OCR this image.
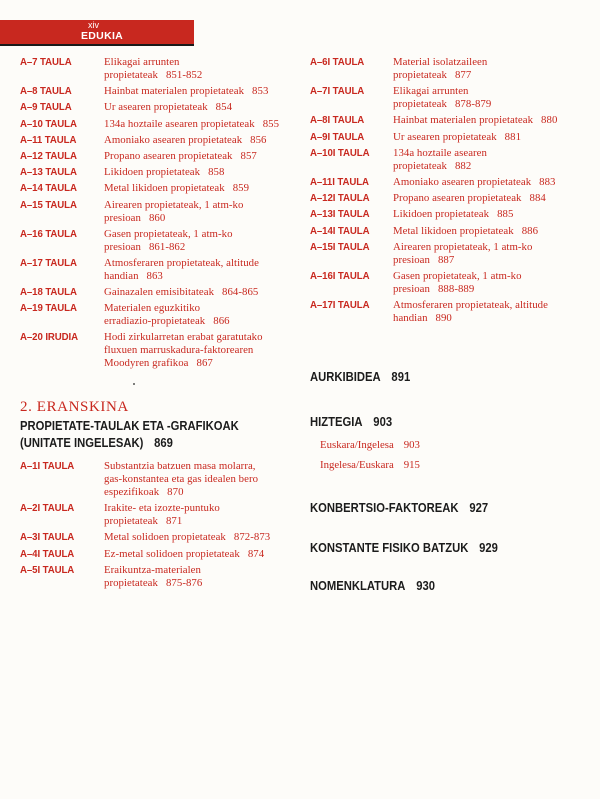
xiv
EDUKIA
A–7 TAULA	Elikagai arrunten
propietateak 851-852
A–8 TAULA	Hainbat materialen propietateak 853
A–9 TAULA	Ur asearen propietateak 854
A–10 TAULA	134a hoztaile asearen propietateak 855
A–11 TAULA	Amoniako asearen propietateak 856
A–12 TAULA	Propano asearen propietateak 857
A–13 TAULA	Likidoen propietateak 858
A–14 TAULA	Metal likidoen propietateak 859
A–15 TAULA	Airearen propietateak, 1 atm-ko
presioan 860
A–16 TAULA	Gasen propietateak, 1 atm-ko
presioan 861-862
A–17 TAULA	Atmosferaren propietateak, altitude
handian 863
A–18 TAULA	Gainazalen emisibitateak 864-865
A–19 TAULA	Materialen eguzkitiko
erradiazio-propietateak 866
A–20 IRUDIA Hodi zirkularretan erabat garatutako
fluxuen marruskadura-faktorearen
Moodyren grafikoa 867
2. ERANSKINA
PROPIETATE-TAULAK ETA -GRAFIKOAK
(UNITATE INGELESAK) 869
A–1I TAULA	Substantzia batzuen masa molarra,
gas-konstantea eta gas idealen bero
espezifikoak 870
A–2I TAULA	Irakite- eta izozte-puntuko
propietateak 871
A–3I TAULA	Metal solidoen propietateak 872-873
A–4I TAULA	Ez-metal solidoen propietateak 874
A–5I TAULA	Eraikuntza-materialen
propietateak 875-876
A–6I TAULA	Material isolatzaileen
propietateak 877
A–7I TAULA	Elikagai arrunten
propietateak 878-879
A–8I TAULA	Hainbat materialen propietateak 880
A–9I TAULA	Ur asearen propietateak 881
A–10I TAULA 134a hoztaile asearen
propietateak 882
A–11I TAULA Amoniako asearen propietateak 883
A–12I TAULA Propano asearen propietateak 884
A–13I TAULA Likidoen propietateak 885
A–14I TAULA Metal likidoen propietateak 886
A–15I TAULA Airearen propietateak, 1 atm-ko
presioan 887
A–16I TAULA Gasen propietateak, 1 atm-ko
presioan 888-889
A–17I TAULA Atmosferaren propietateak, altitude
handian 890
AURKIBIDEA 891
HIZTEGIA 903
Euskara/Ingelesa 903
Ingelesa/Euskara 915
KONBERTSIO-FAKTOREAK 927
KONSTANTE FISIKO BATZUK 929
NOMENKLATURA 930
